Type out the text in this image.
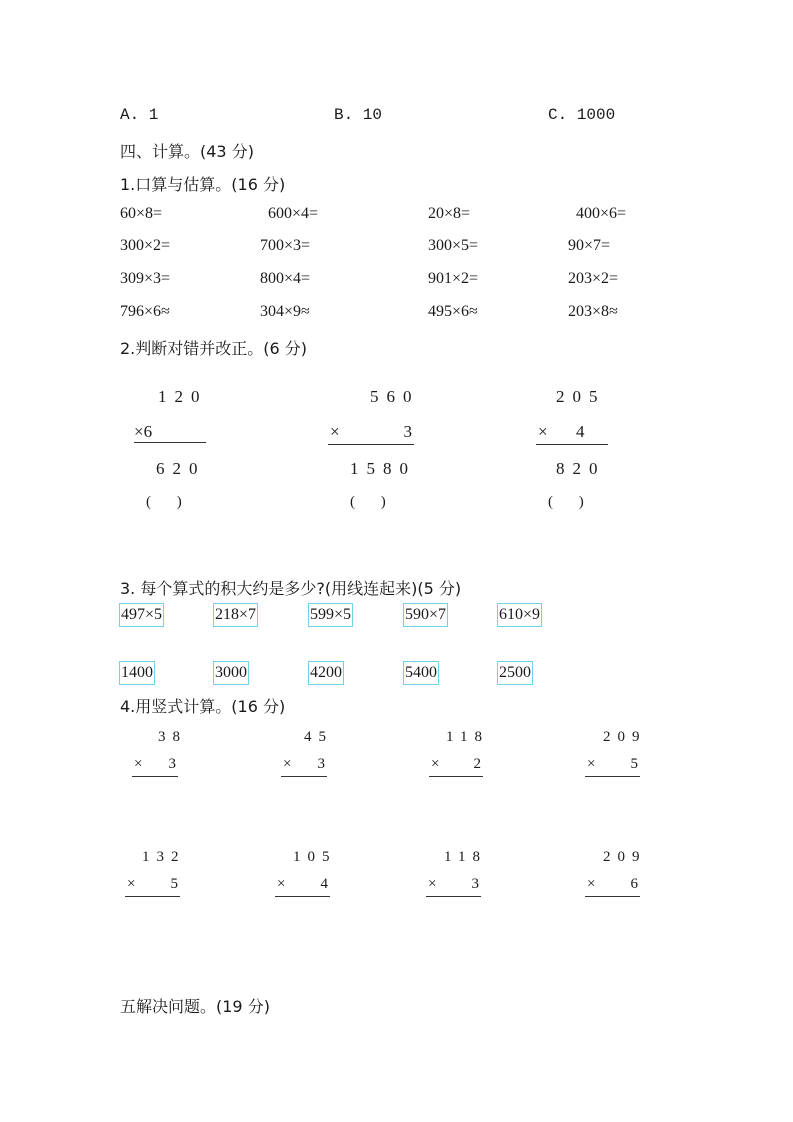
A. 1	B. 10	C. 1000
四、计算。(43 分)
1.口算与估算。(16 分)
60×8=	600×4=	20×8=	400×6=
300×2=	700×3=	300×5=	90×7=
309×3=	800×4=	901×2=	203×2=
796×6≈	304×9≈	495×6≈	203×8≈
2.判断对错并改正。(6 分)
120
×6
620
( )
560
×	3
1580
( )
205
× 4
820
( )
3. 每个算式的积大约是多少?(用线连起来)(5 分)
497×5	218×7	599×5	590×7	610×9
1400	3000	4200	5400	2500
4.用竖式计算。(16 分)
38
× 3
45
× 3
118
× 2
209
× 5
132
× 5
105
× 4
118
× 3
209
× 6
五解决问题。(19 分)
